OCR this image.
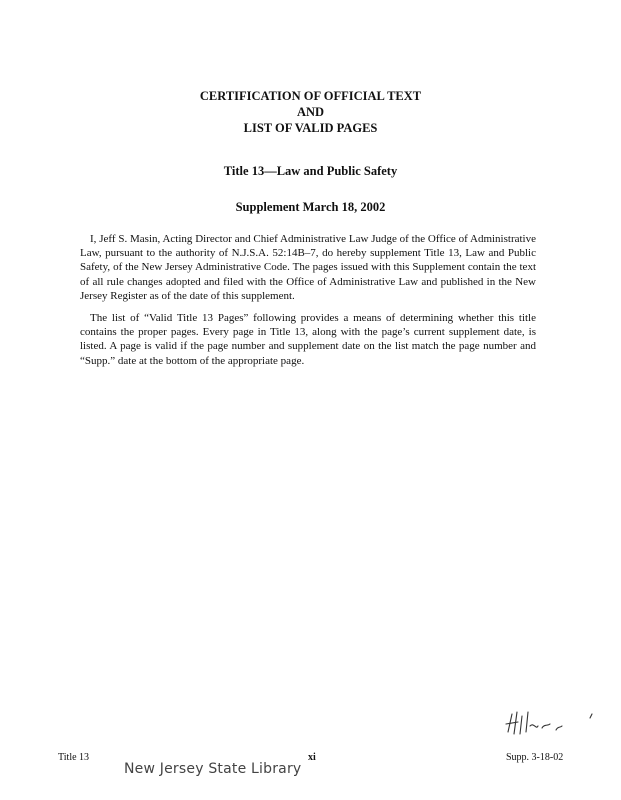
CERTIFICATION OF OFFICIAL TEXT
AND
LIST OF VALID PAGES
Title 13—Law and Public Safety
Supplement March 18, 2002

I, Jeff S. Masin, Acting Director and Chief Administrative Law Judge of the Office of Administrative Law, pursuant to the authority of N.J.S.A. 52:14B–7, do hereby supplement Title 13, Law and Public Safety, of the New Jersey Administrative Code. The pages issued with this Supplement contain the text of all rule changes adopted and filed with the Office of Administrative Law and published in the New Jersey Register as of the date of this supplement.

The list of “Valid Title 13 Pages” following provides a means of determining whether this title contains the proper pages. Every page in Title 13, along with the page’s current supplement date, is listed. A page is valid if the page number and supplement date on the list match the page number and “Supp.” date at the bottom of the appropriate page.

Title 13	xi	Supp. 3-18-02
New Jersey State Library
